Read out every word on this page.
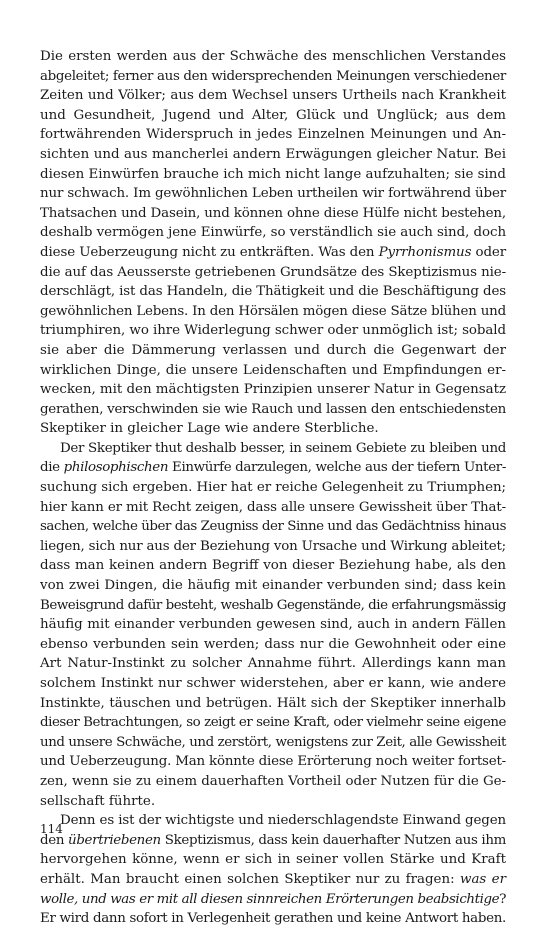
Die ersten werden aus der Schwäche des menschlichen Verstandes
abgeleitet; ferner aus den widersprechenden Meinungen verschiedener
Zeiten und Völker; aus dem Wechsel unsers Urtheils nach Krankheit
und Gesundheit, Jugend und Alter, Glück und Unglück; aus dem
fortwährenden Widerspruch in jedes Einzelnen Meinungen und An-
sichten und aus mancherlei andern Erwägungen gleicher Natur. Bei
diesen Einwürfen brauche ich mich nicht lange aufzuhalten; sie sind
nur schwach. Im gewöhnlichen Leben urtheilen wir fortwährend über
Thatsachen und Dasein, und können ohne diese Hülfe nicht bestehen,
deshalb vermögen jene Einwürfe, so verständlich sie auch sind, doch
diese Ueberzeugung nicht zu entkräften. Was den Pyrrhonismus oder
die auf das Aeusserste getriebenen Grundsätze des Skeptizismus nie-
derschlägt, ist das Handeln, die Thätigkeit und die Beschäftigung des
gewöhnlichen Lebens. In den Hörsälen mögen diese Sätze blühen und
triumphiren, wo ihre Widerlegung schwer oder unmöglich ist; sobald
sie aber die Dämmerung verlassen und durch die Gegenwart der
wirklichen Dinge, die unsere Leidenschaften und Empfindungen er-
wecken, mit den mächtigsten Prinzipien unserer Natur in Gegensatz
gerathen, verschwinden sie wie Rauch und lassen den entschiedensten
Skeptiker in gleicher Lage wie andere Sterbliche.
Der Skeptiker thut deshalb besser, in seinem Gebiete zu bleiben und
die philosophischen Einwürfe darzulegen, welche aus der tiefern Unter-
suchung sich ergeben. Hier hat er reiche Gelegenheit zu Triumphen;
hier kann er mit Recht zeigen, dass alle unsere Gewissheit über That-
sachen, welche über das Zeugniss der Sinne und das Gedächtniss hinaus
liegen, sich nur aus der Beziehung von Ursache und Wirkung ableitet;
dass man keinen andern Begriff von dieser Beziehung habe, als den
von zwei Dingen, die häufig mit einander verbunden sind; dass kein
Beweisgrund dafür besteht, weshalb Gegenstände, die erfahrungsmässig
häufig mit einander verbunden gewesen sind, auch in andern Fällen
ebenso verbunden sein werden; dass nur die Gewohnheit oder eine
Art Natur-Instinkt zu solcher Annahme führt. Allerdings kann man
solchem Instinkt nur schwer widerstehen, aber er kann, wie andere
Instinkte, täuschen und betrügen. Hält sich der Skeptiker innerhalb
dieser Betrachtungen, so zeigt er seine Kraft, oder vielmehr seine eigene
und unsere Schwäche, und zerstört, wenigstens zur Zeit, alle Gewissheit
und Ueberzeugung. Man könnte diese Erörterung noch weiter fortset-
zen, wenn sie zu einem dauerhaften Vortheil oder Nutzen für die Ge-
sellschaft führte.
Denn es ist der wichtigste und niederschlagendste Einwand gegen
den übertriebenen Skeptizismus, dass kein dauerhafter Nutzen aus ihm
hervorgehen könne, wenn er sich in seiner vollen Stärke und Kraft
erhält. Man braucht einen solchen Skeptiker nur zu fragen: was er
wolle, und was er mit all diesen sinnreichen Erörterungen beabsichtige?
Er wird dann sofort in Verlegenheit gerathen und keine Antwort haben.
114
